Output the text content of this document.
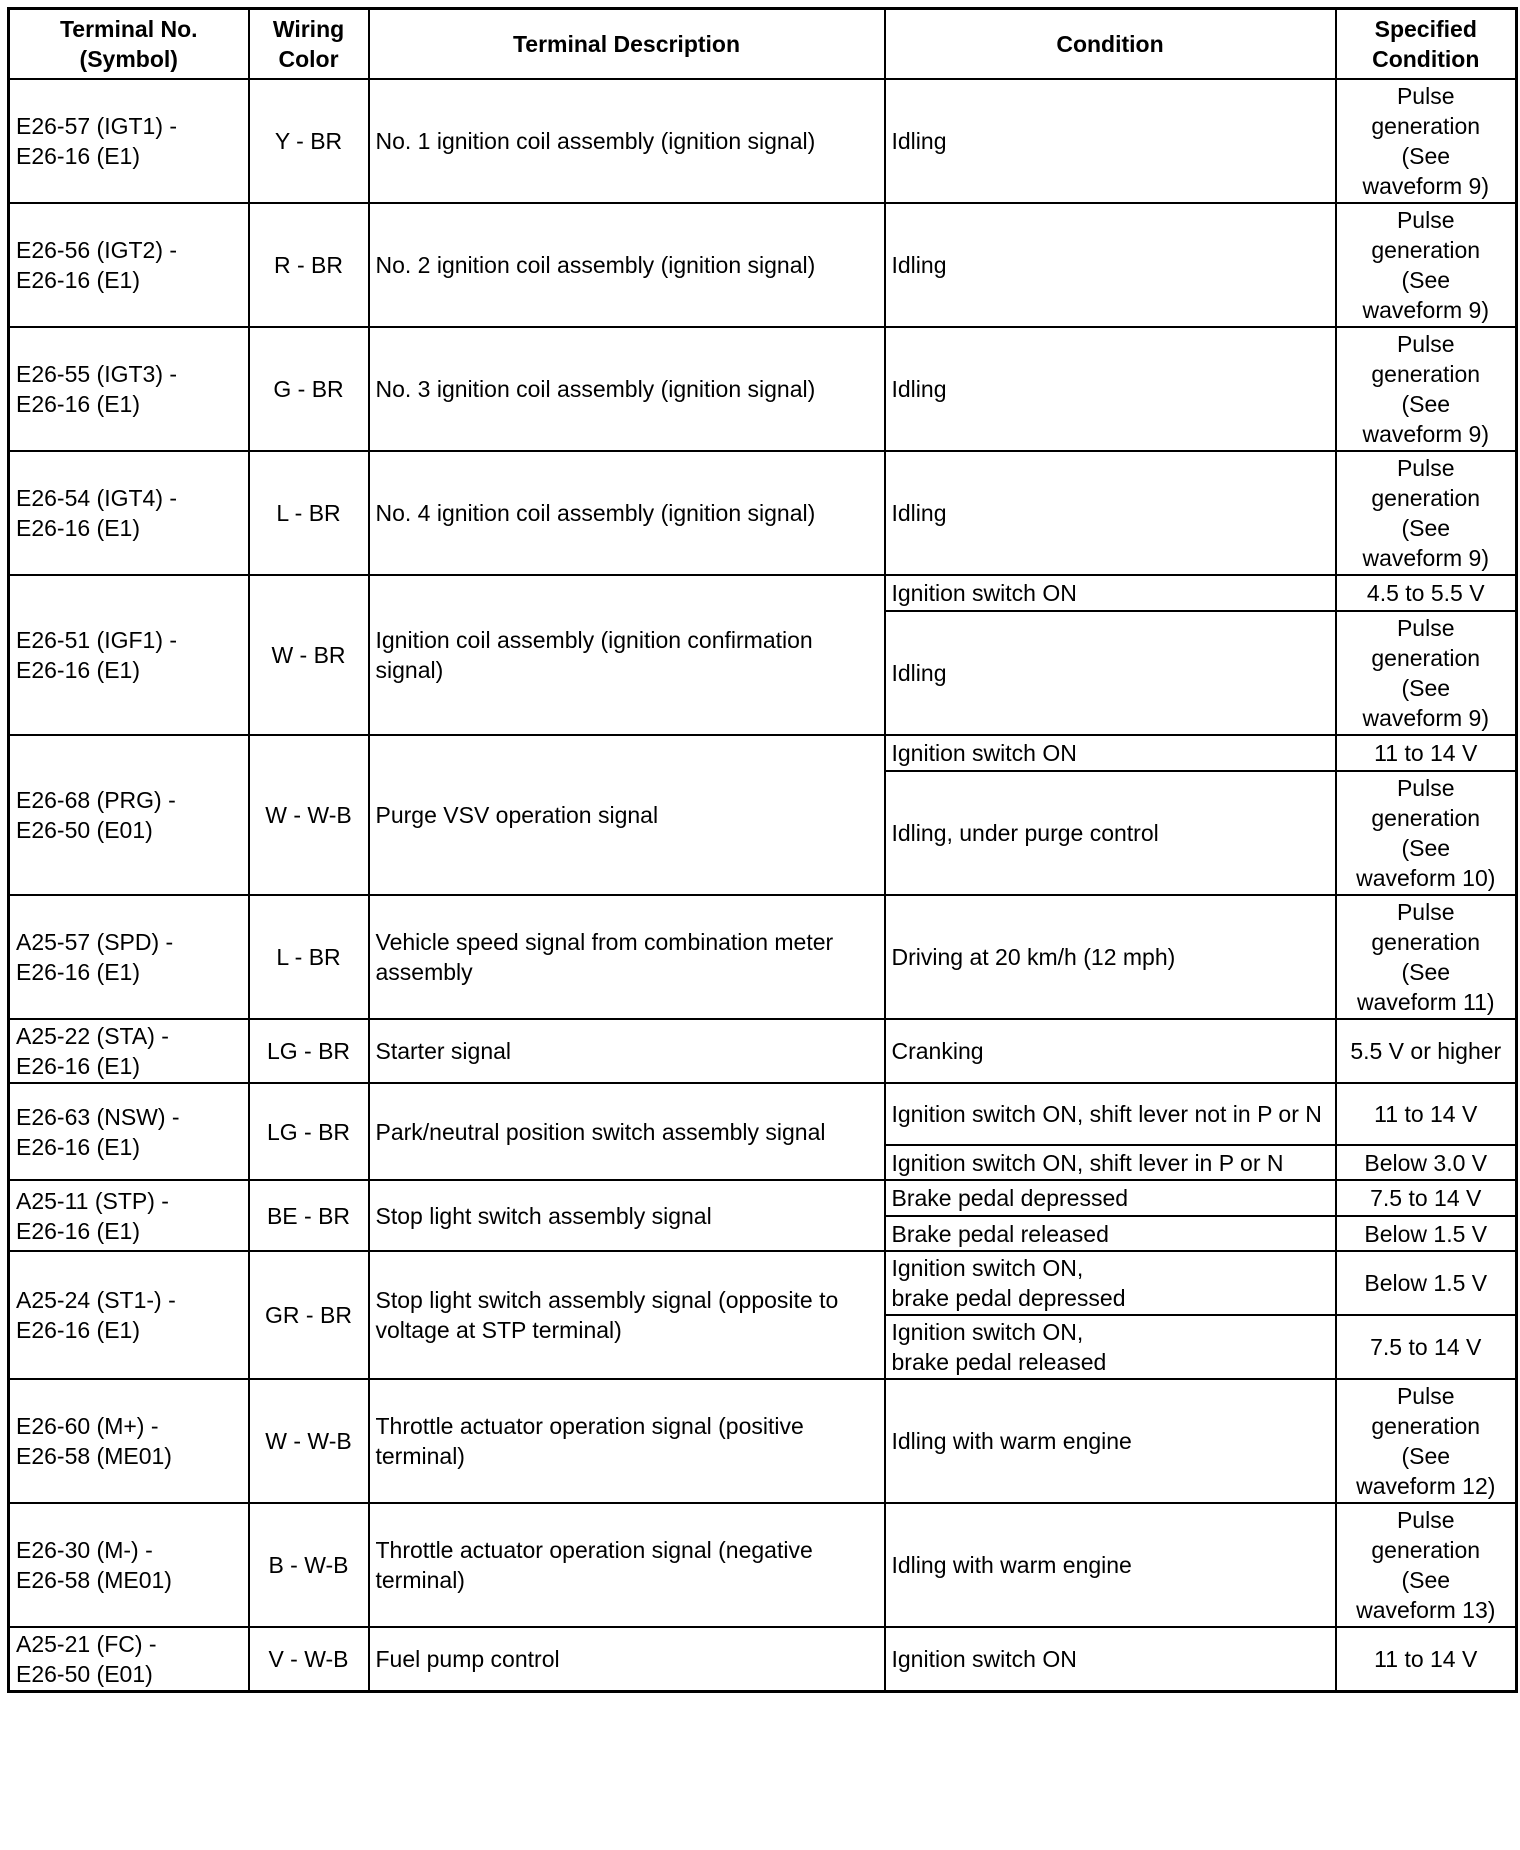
Terminal No. (Symbol)	Wiring Color	Terminal Description	Condition	Specified Condition
E26-57 (IGT1) -
E26-16 (E1)	Y - BR	No. 1 ignition coil assembly (ignition signal)	Idling	Pulse
generation
(See
waveform 9)
E26-56 (IGT2) -
E26-16 (E1)	R - BR	No. 2 ignition coil assembly (ignition signal)	Idling	Pulse
generation
(See
waveform 9)
E26-55 (IGT3) -
E26-16 (E1)	G - BR	No. 3 ignition coil assembly (ignition signal)	Idling	Pulse
generation
(See
waveform 9)
E26-54 (IGT4) -
E26-16 (E1)	L - BR	No. 4 ignition coil assembly (ignition signal)	Idling	Pulse
generation
(See
waveform 9)
E26-51 (IGF1) -
E26-16 (E1)	W - BR	Ignition coil assembly (ignition confirmation signal)	Ignition switch ON	4.5 to 5.5 V
			Idling	Pulse
generation
(See
waveform 9)
E26-68 (PRG) -
E26-50 (E01)	W - W-B	Purge VSV operation signal	Ignition switch ON	11 to 14 V
			Idling, under purge control	Pulse
generation
(See
waveform 10)
A25-57 (SPD) -
E26-16 (E1)	L - BR	Vehicle speed signal from combination meter assembly	Driving at 20 km/h (12 mph)	Pulse
generation
(See
waveform 11)
A25-22 (STA) -
E26-16 (E1)	LG - BR	Starter signal	Cranking	5.5 V or higher
E26-63 (NSW) -
E26-16 (E1)	LG - BR	Park/neutral position switch assembly signal	Ignition switch ON, shift lever not in P or N	11 to 14 V
			Ignition switch ON, shift lever in P or N	Below 3.0 V
A25-11 (STP) -
E26-16 (E1)	BE - BR	Stop light switch assembly signal	Brake pedal depressed	7.5 to 14 V
			Brake pedal released	Below 1.5 V
A25-24 (ST1-) -
E26-16 (E1)	GR - BR	Stop light switch assembly signal (opposite to voltage at STP terminal)	Ignition switch ON,
brake pedal depressed	Below 1.5 V
			Ignition switch ON,
brake pedal released	7.5 to 14 V
E26-60 (M+) -
E26-58 (ME01)	W - W-B	Throttle actuator operation signal (positive terminal)	Idling with warm engine	Pulse
generation
(See
waveform 12)
E26-30 (M-) -
E26-58 (ME01)	B - W-B	Throttle actuator operation signal (negative terminal)	Idling with warm engine	Pulse
generation
(See
waveform 13)
A25-21 (FC) -
E26-50 (E01)	V - W-B	Fuel pump control	Ignition switch ON	11 to 14 V
